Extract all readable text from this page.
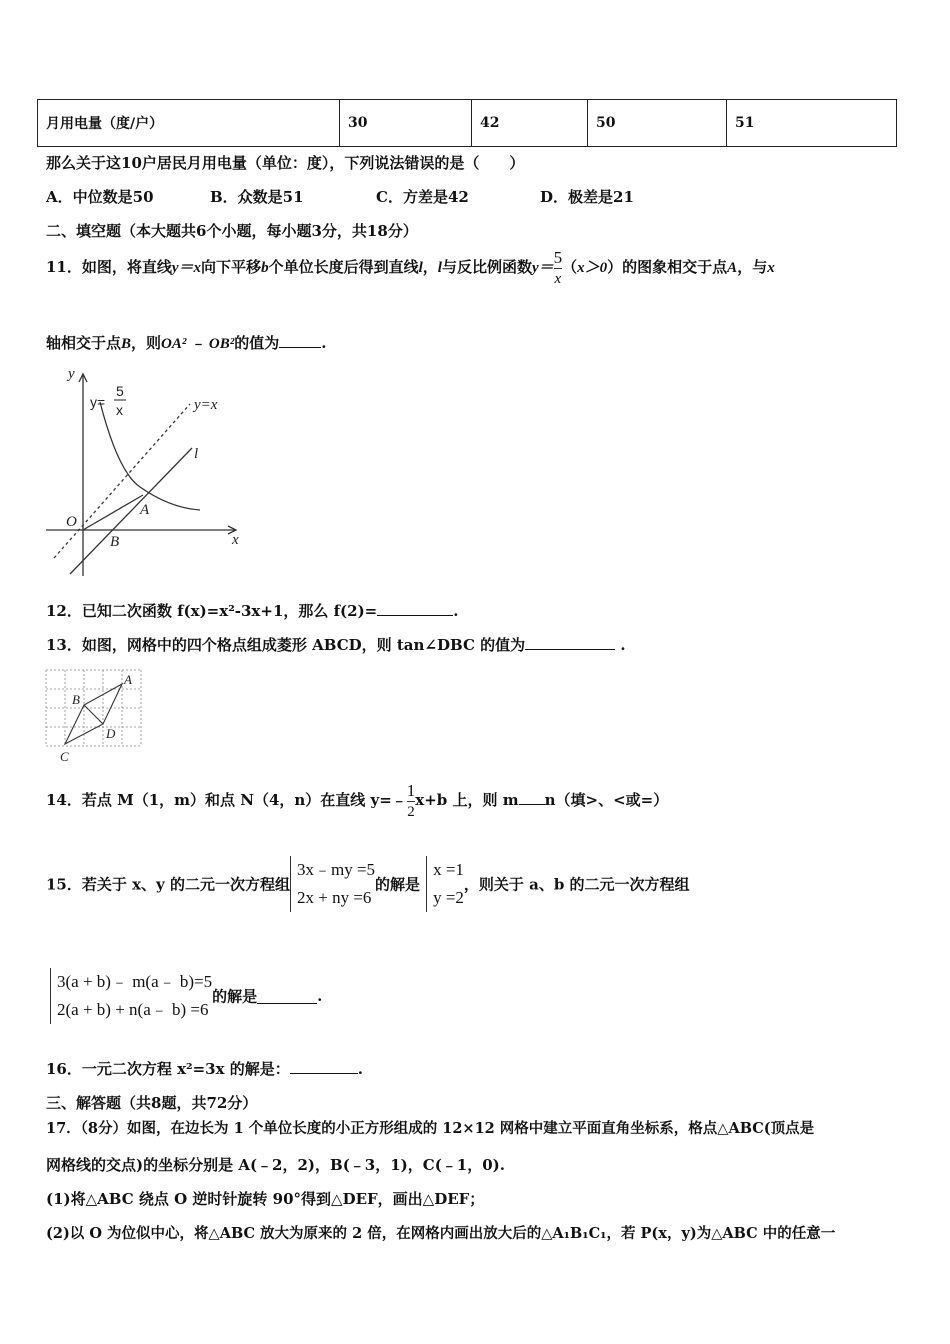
月用电量（度/户）	30	42	50	51
那么关于这10户居民月用电量（单位：度），下列说法错误的是（　　）
A．中位数是50	B．众数是51	C．方差是42	D．极差是21
二、填空题（本大题共6个小题，每小题3分，共18分）
11．如图，将直线y＝x向下平移b个单位长度后得到直线l，l与反比例函数$y= \frac{5}{x} (x>0)$的图象相交于点A，与x
轴相交于点B，则OA² ﹣ OB²的值为	.
y
x
O
A
B
l
y=x
y=
5
x
12．已知二次函数 f(x)=x²-3x+1，那么 f(2)=	.
13．如图，网格中的四个格点组成菱形 ABCD，则 tan∠DBC 的值为	.
A
B
C
D
14．若点 M（1，m）和点 N（4，n）在直线 y=﹣ $\frac{1}{2} x+b$ 上，则 m n（填>、<或=）
15．若关于 x、y 的二元一次方程组
3x﹣my =5
2x + ny =6
的解是
x =1
y =2
，则关于 a、b 的二元一次方程组
3(a + b)﹣ m(a﹣ b)=5
2(a + b) + n(a﹣ b) =6
的解是	.
16．一元二次方程 x²=3x 的解是：	.
三、解答题（共8题，共72分）
17．（8分）如图，在边长为 1 个单位长度的小正方形组成的 12×12 网格中建立平面直角坐标系，格点△ABC(顶点是
网格线的交点)的坐标分别是 A(﹣2，2)，B(﹣3，1)，C(﹣1，0).
(1)将△ABC 绕点 O 逆时针旋转 90°得到△DEF，画出△DEF；
(2)以 O 为位似中心，将△ABC 放大为原来的 2 倍，在网格内画出放大后的△A₁B₁C₁，若 P(x，y)为△ABC 中的任意一
